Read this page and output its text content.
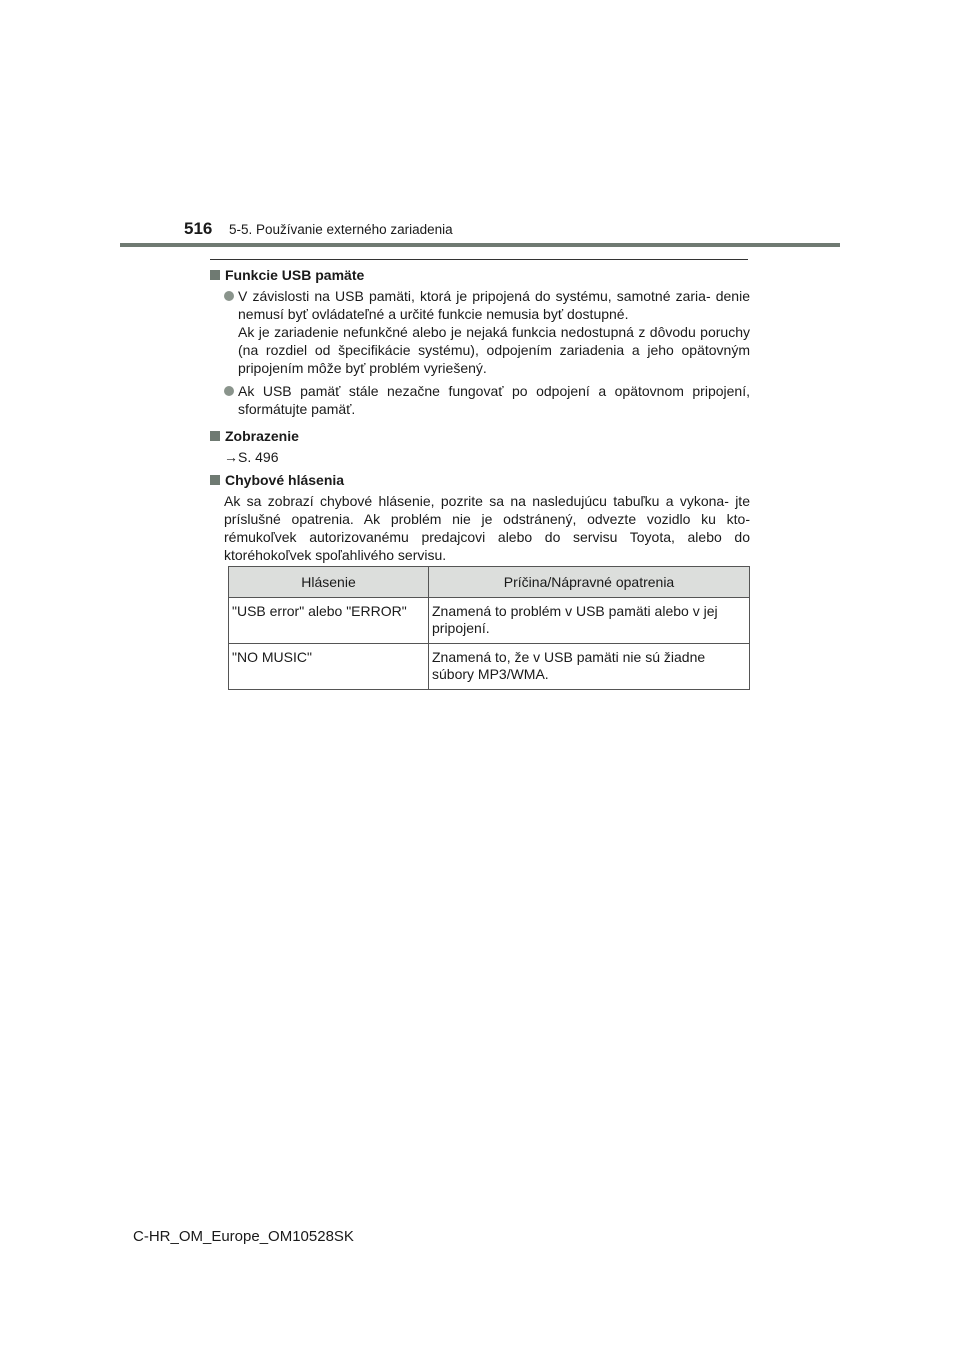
516 5-5. Používanie externého zariadenia
Funkcie USB pamäte
V závislosti na USB pamäti, ktorá je pripojená do systému, samotné zaria- denie nemusí byť ovládateľné a určité funkcie nemusia byť dostupné.
Ak je zariadenie nefunkčné alebo je nejaká funkcia nedostupná z dôvodu poruchy (na rozdiel od špecifikácie systému), odpojením zariadenia a jeho opätovným pripojením môže byť problém vyriešený.
Ak USB pamäť stále nezačne fungovať po odpojení a opätovnom pripojení, sformátujte pamäť.
Zobrazenie
→S. 496
Chybové hlásenia
Ak sa zobrazí chybové hlásenie, pozrite sa na nasledujúcu tabuľku a vykona- jte príslušné opatrenia. Ak problém nie je odstránený, odvezte vozidlo ku kto- rémukoľvek autorizovanému predajcovi alebo do servisu Toyota, alebo do ktoréhokoľvek spoľahlivého servisu.
Hlásenie	Príčina/Nápravné opatrenia
"USB error" alebo "ERROR"	Znamená to problém v USB pamäti alebo v jej pripojení.
"NO MUSIC"	Znamená to, že v USB pamäti nie sú žiadne súbory MP3/WMA.
C-HR_OM_Europe_OM10528SK
